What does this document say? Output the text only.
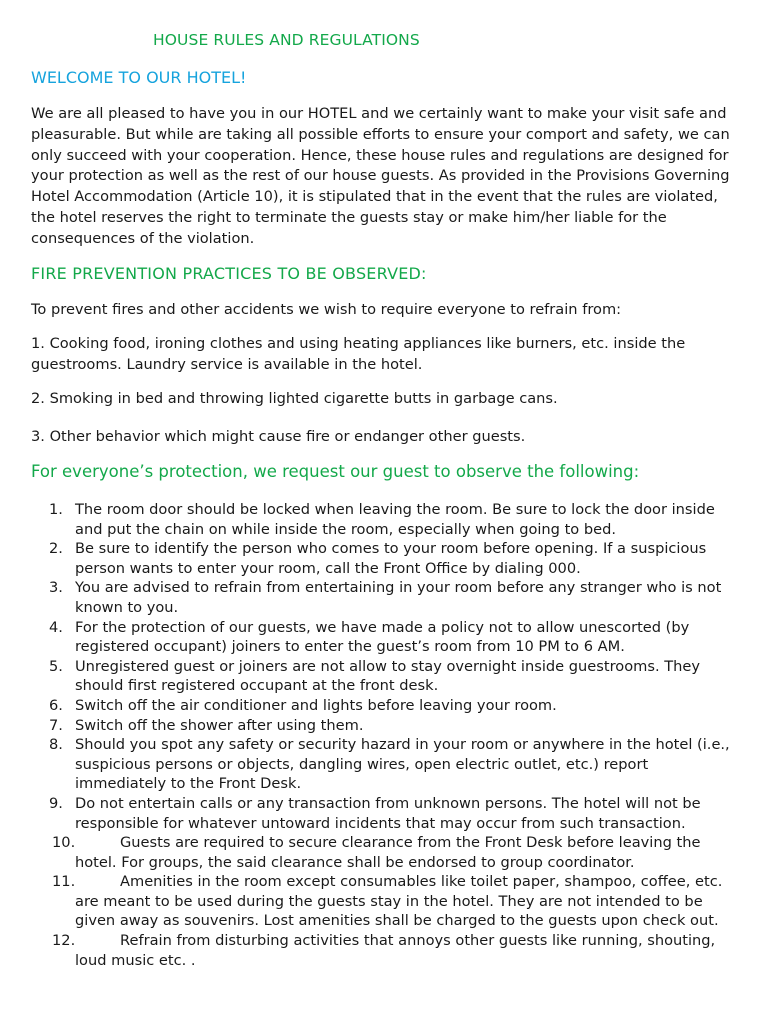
HOUSE RULES AND REGULATIONS
WELCOME TO OUR HOTEL!

We are all pleased to have you in our HOTEL and we certainly want to make your visit safe and pleasurable. But while are taking all possible efforts to ensure your comport and safety, we can only succeed with your cooperation. Hence, these house rules and regulations are designed for your protection as well as the rest of our house guests. As provided in the Provisions Governing Hotel Accommodation (Article 10), it is stipulated that in the event that the rules are violated, the hotel reserves the right to terminate the guests stay or make him/her liable for the consequences of the violation.

FIRE PREVENTION PRACTICES TO BE OBSERVED:

To prevent fires and other accidents we wish to require everyone to refrain from:

1. Cooking food, ironing clothes and using heating appliances like burners, etc. inside the guestrooms. Laundry service is available in the hotel.

2. Smoking in bed and throwing lighted cigarette butts in garbage cans.

3. Other behavior which might cause fire or endanger other guests.

For everyone’s protection, we request our guest to observe the following:
1. The room door should be locked when leaving the room. Be sure to lock the door inside and put the chain on while inside the room, especially when going to bed.
2. Be sure to identify the person who comes to your room before opening. If a suspicious person wants to enter your room, call the Front Office by dialing 000.
3. You are advised to refrain from entertaining in your room before any stranger who is not known to you.
4. For the protection of our guests, we have made a policy not to allow unescorted (by registered occupant) joiners to enter the guest’s room from 10 PM to 6 AM.
5. Unregistered guest or joiners are not allow to stay overnight inside guestrooms. They should first registered occupant at the front desk.
6. Switch off the air conditioner and lights before leaving your room.
7. Switch off the shower after using them.
8. Should you spot any safety or security hazard in your room or anywhere in the hotel (i.e., suspicious persons or objects, dangling wires, open electric outlet, etc.) report immediately to the Front Desk.
9. Do not entertain calls or any transaction from unknown persons. The hotel will not be responsible for whatever untoward incidents that may occur from such transaction.
10.	Guests are required to secure clearance from the Front Desk before leaving the hotel. For groups, the said clearance shall be endorsed to group coordinator.
11.	Amenities in the room except consumables like toilet paper, shampoo, coffee, etc. are meant to be used during the guests stay in the hotel. They are not intended to be given away as souvenirs. Lost amenities shall be charged to the guests upon check out.
12.	Refrain from disturbing activities that annoys other guests like running, shouting, loud music etc. .
